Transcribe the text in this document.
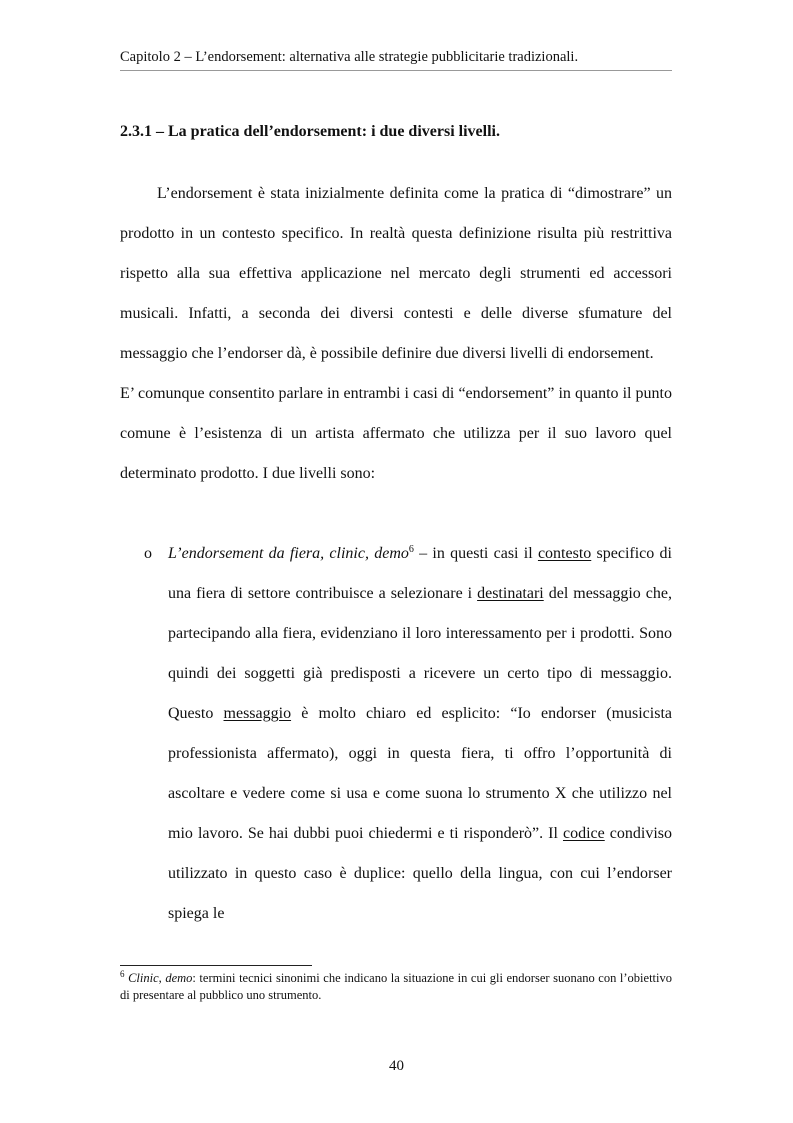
Capitolo 2 – L’endorsement: alternativa alle strategie pubblicitarie tradizionali.
2.3.1 – La pratica dell’endorsement: i due diversi livelli.

L’endorsement è stata inizialmente definita come la pratica di “dimostrare” un prodotto in un contesto specifico. In realtà questa definizione risulta più restrittiva rispetto alla sua effettiva applicazione nel mercato degli strumenti ed accessori musicali. Infatti, a seconda dei diversi contesti e delle diverse sfumature del messaggio che l’endorser dà, è possibile definire due diversi livelli di endorsement.

E’ comunque consentito parlare in entrambi i casi di “endorsement” in quanto il punto comune è l’esistenza di un artista affermato che utilizza per il suo lavoro quel determinato prodotto. I due livelli sono:

o L’endorsement da fiera, clinic, demo$^6$ – in questi casi il contesto specifico di una fiera di settore contribuisce a selezionare i destinatari del messaggio che, partecipando alla fiera, evidenziano il loro interessamento per i prodotti. Sono quindi dei soggetti già predisposti a ricevere un certo tipo di messaggio. Questo messaggio è molto chiaro ed esplicito: “Io endorser (musicista professionista affermato), oggi in questa fiera, ti offro l’opportunità di ascoltare e vedere come si usa e come suona lo strumento X che utilizzo nel mio lavoro. Se hai dubbi puoi chiedermi e ti risponderò”. Il codice condiviso utilizzato in questo caso è duplice: quello della lingua, con cui l’endorser spiega le
$^6$ Clinic, demo: termini tecnici sinonimi che indicano la situazione in cui gli endorser suonano con l’obiettivo di presentare al pubblico uno strumento.
40
